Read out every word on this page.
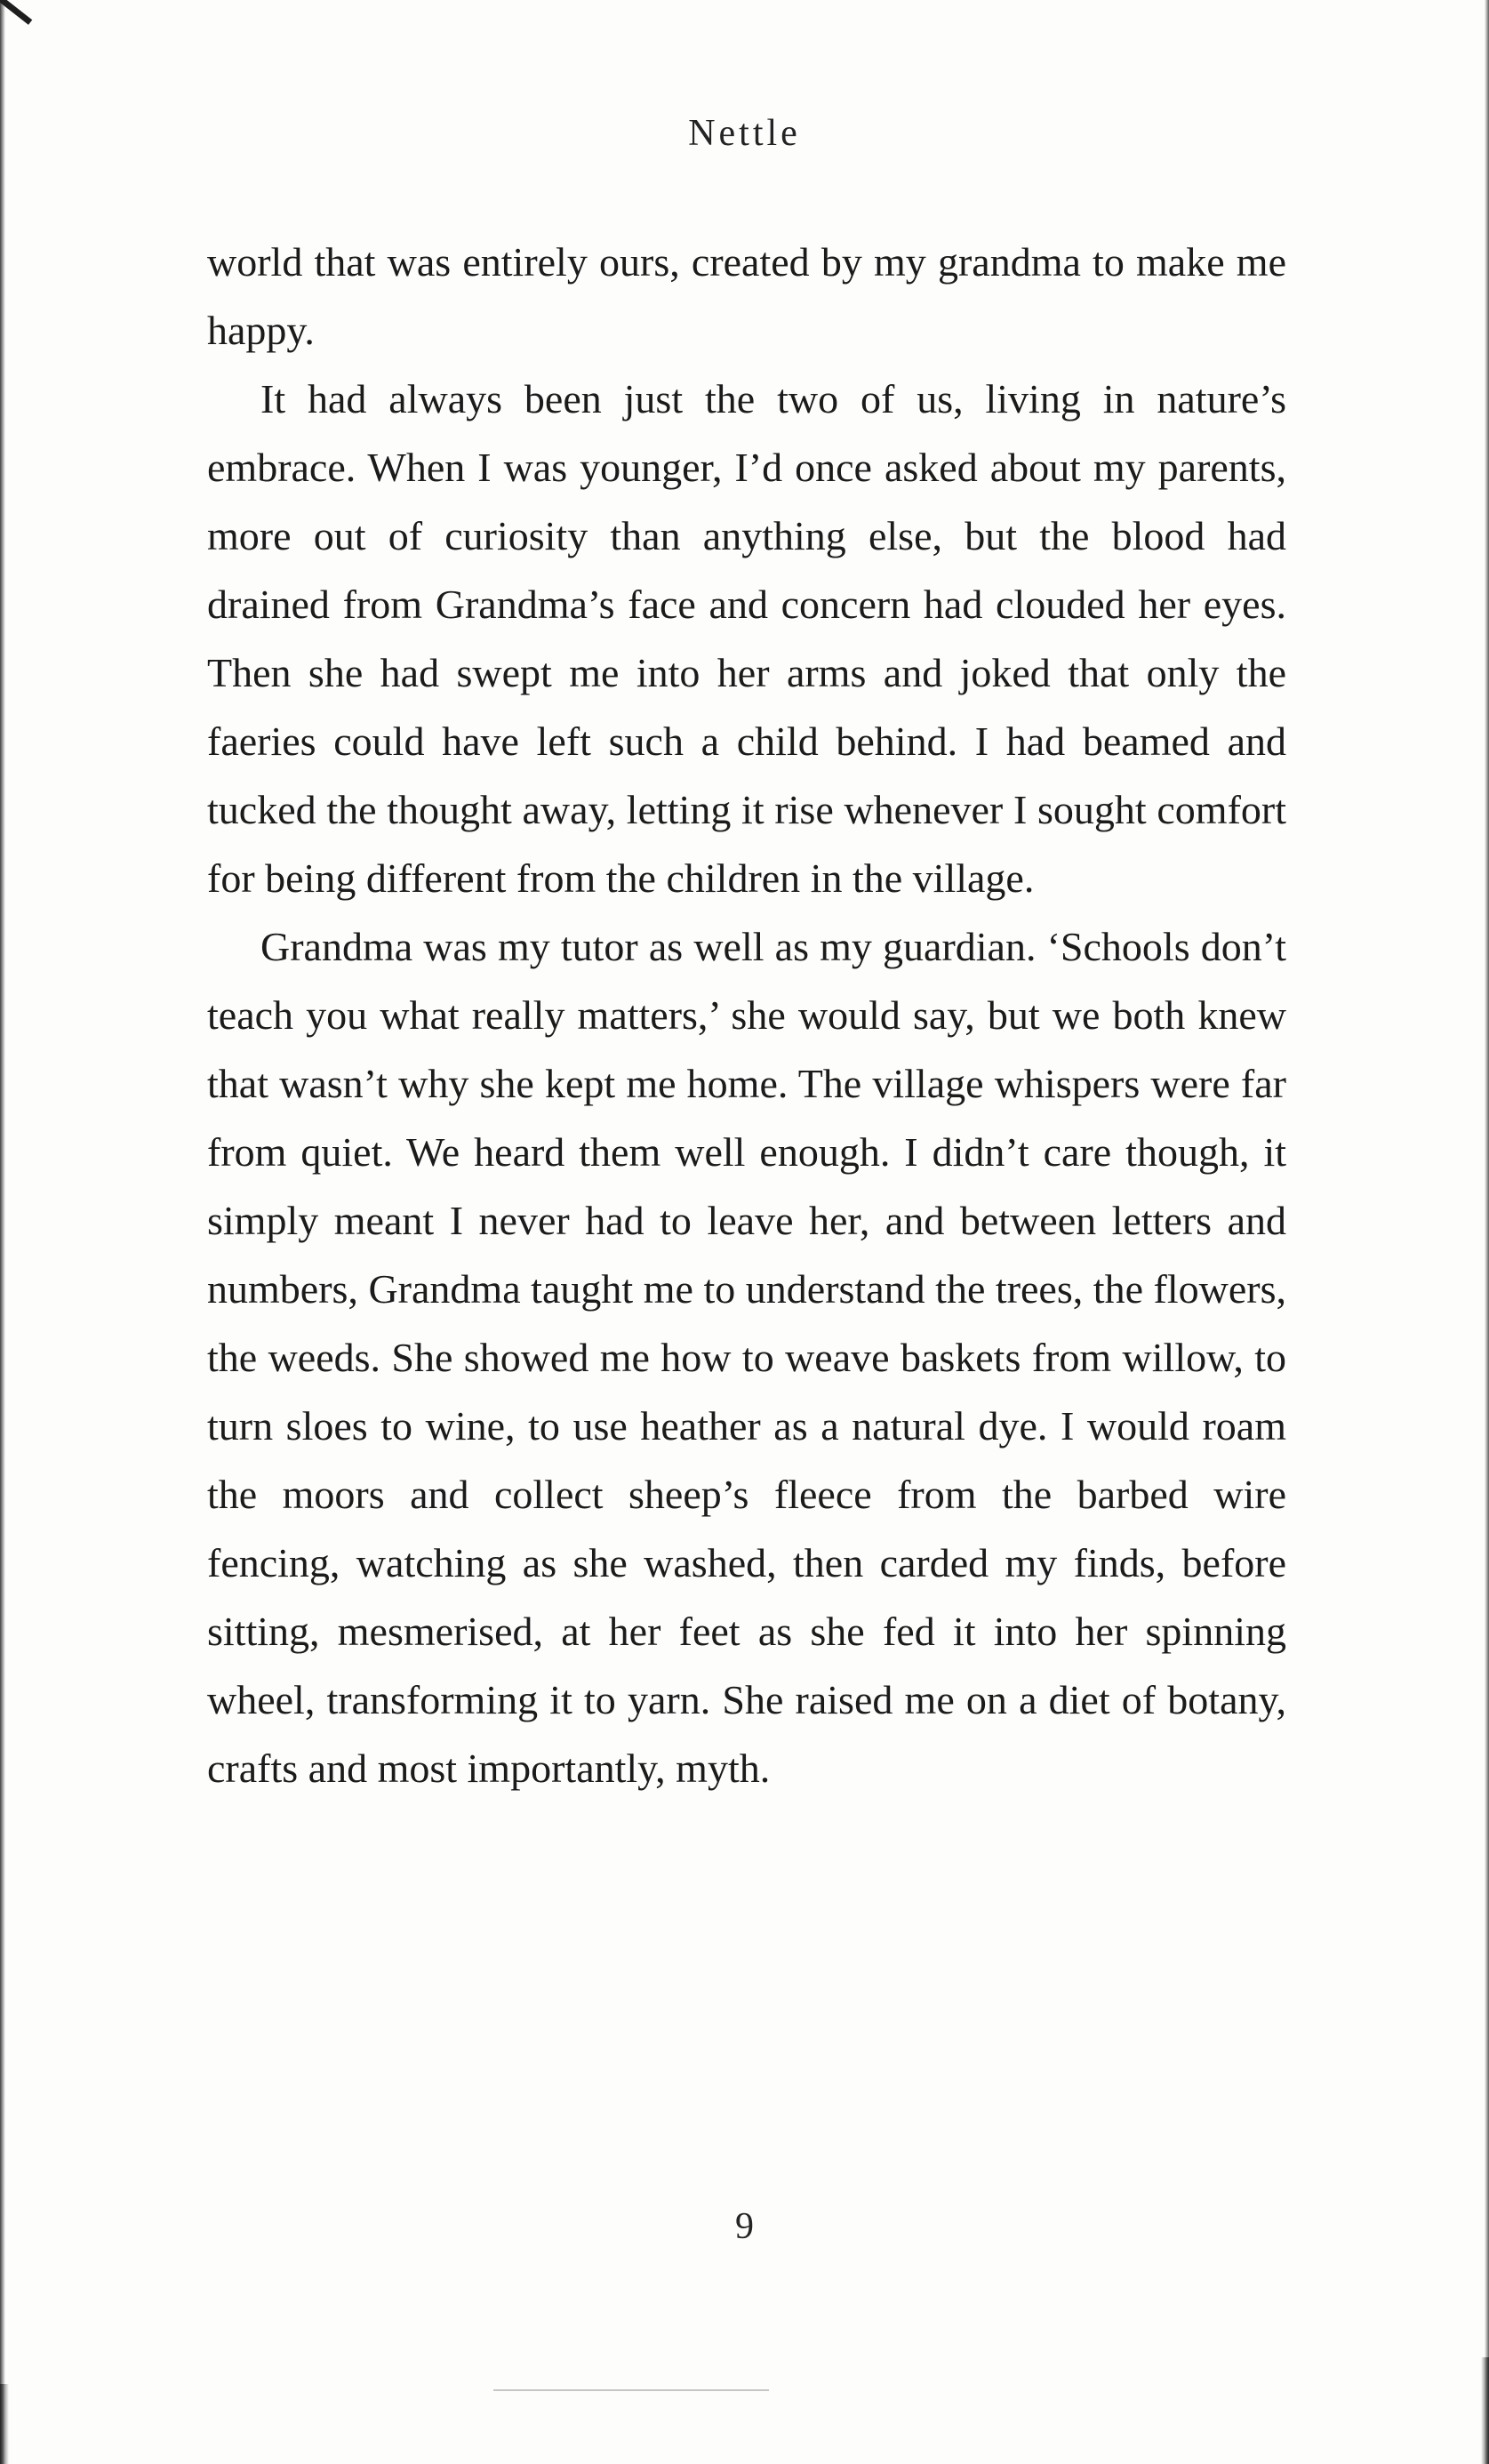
Nettle

world that was entirely ours, created by my grandma to make me happy.

It had always been just the two of us, living in nature’s embrace. When I was younger, I’d once asked about my parents, more out of curiosity than anything else, but the blood had drained from Grandma’s face and concern had clouded her eyes. Then she had swept me into her arms and joked that only the faeries could have left such a child behind. I had beamed and tucked the thought away, letting it rise whenever I sought comfort for being different from the children in the village.

Grandma was my tutor as well as my guardian. ‘Schools don’t teach you what really matters,’ she would say, but we both knew that wasn’t why she kept me home. The village whispers were far from quiet. We heard them well enough. I didn’t care though, it simply meant I never had to leave her, and between letters and numbers, Grandma taught me to understand the trees, the flowers, the weeds. She showed me how to weave baskets from willow, to turn sloes to wine, to use heather as a natural dye. I would roam the moors and collect sheep’s fleece from the barbed wire fencing, watching as she washed, then carded my finds, before sitting, mesmerised, at her feet as she fed it into her spinning wheel, transforming it to yarn. She raised me on a diet of botany, crafts and most importantly, myth.

9
